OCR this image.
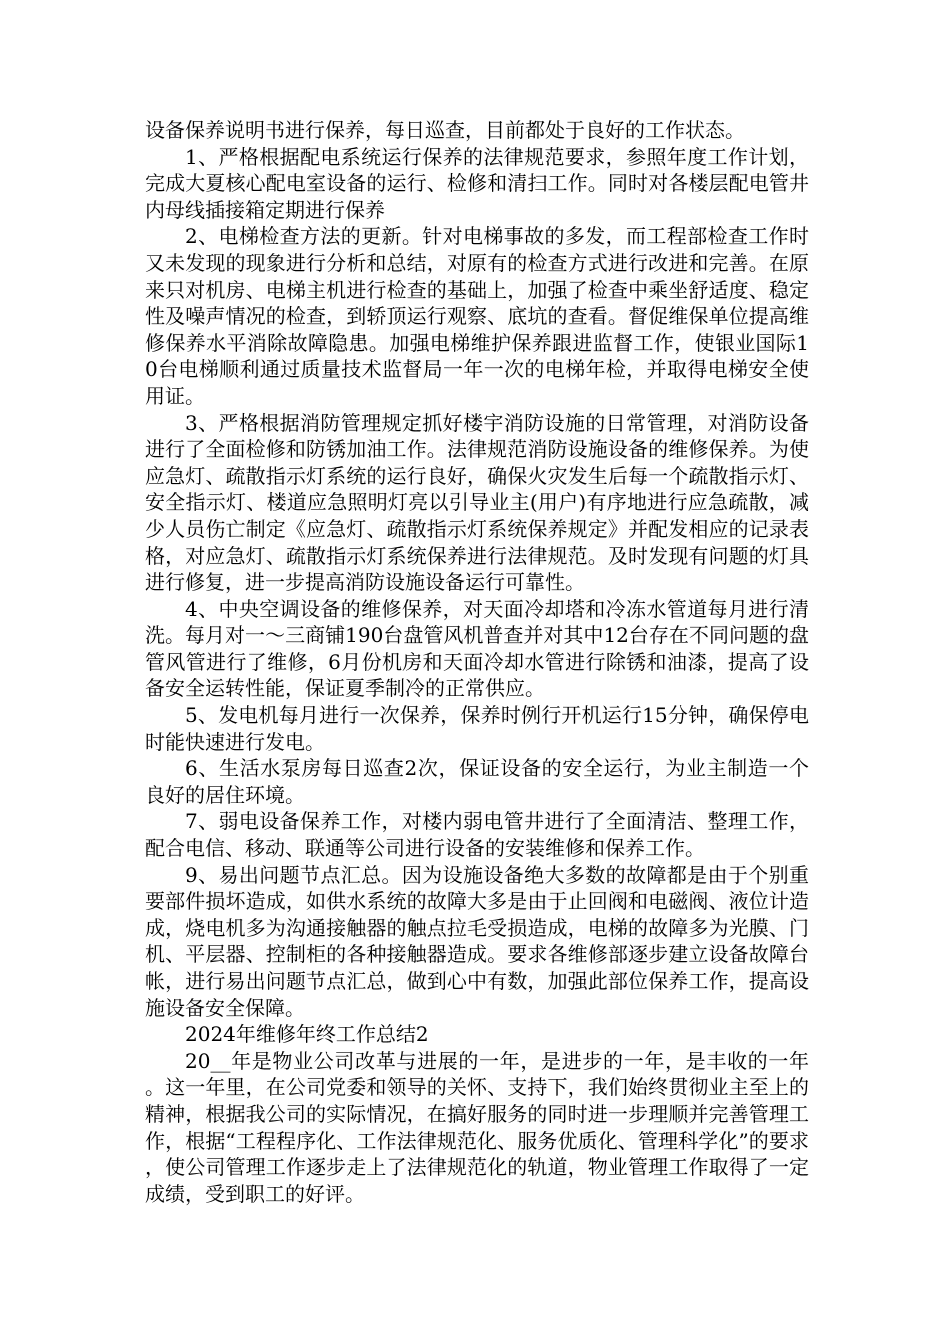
设备保养说明书进行保养，每日巡查，目前都处于良好的工作状态。

1、严格根据配电系统运行保养的法律规范要求，参照年度工作计划，完成大夏核心配电室设备的运行、检修和清扫工作。同时对各楼层配电管井内母线插接箱定期进行保养

2、电梯检查方法的更新。针对电梯事故的多发，而工程部检查工作时又未发现的现象进行分析和总结，对原有的检查方式进行改进和完善。在原来只对机房、电梯主机进行检查的基础上，加强了检查中乘坐舒适度、稳定性及噪声情况的检查，到轿顶运行观察、底坑的查看。督促维保单位提高维修保养水平消除故障隐患。加强电梯维护保养跟进监督工作，使银业国际10台电梯顺利通过质量技术监督局一年一次的电梯年检，并取得电梯安全使用证。

3、严格根据消防管理规定抓好楼宇消防设施的日常管理，对消防设备进行了全面检修和防锈加油工作。法律规范消防设施设备的维修保养。为使应急灯、疏散指示灯系统的运行良好，确保火灾发生后每一个疏散指示灯、安全指示灯、楼道应急照明灯亮以引导业主(用户)有序地进行应急疏散，减少人员伤亡制定《应急灯、疏散指示灯系统保养规定》并配发相应的记录表格，对应急灯、疏散指示灯系统保养进行法律规范。及时发现有问题的灯具进行修复，进一步提高消防设施设备运行可靠性。

4、中央空调设备的维修保养，对天面冷却塔和冷冻水管道每月进行清洗。每月对一～三商铺190台盘管风机普查并对其中12台存在不同问题的盘管风管进行了维修，6月份机房和天面冷却水管进行除锈和油漆，提高了设备安全运转性能，保证夏季制冷的正常供应。

5、发电机每月进行一次保养，保养时例行开机运行15分钟，确保停电时能快速进行发电。

6、生活水泵房每日巡查2次，保证设备的安全运行，为业主制造一个良好的居住环境。

7、弱电设备保养工作，对楼内弱电管井进行了全面清洁、整理工作，配合电信、移动、联通等公司进行设备的安装维修和保养工作。

9、易出问题节点汇总。因为设施设备绝大多数的故障都是由于个别重要部件损坏造成，如供水系统的故障大多是由于止回阀和电磁阀、液位计造成，烧电机多为沟通接触器的触点拉毛受损造成，电梯的故障多为光膜、门机、平层器、控制柜的各种接触器造成。要求各维修部逐步建立设备故障台帐，进行易出问题节点汇总，做到心中有数，加强此部位保养工作，提高设施设备安全保障。

2024年维修年终工作总结2

20__年是物业公司改革与进展的一年，是进步的一年，是丰收的一年。这一年里，在公司党委和领导的关怀、支持下，我们始终贯彻业主至上的精神，根据我公司的实际情况，在搞好服务的同时进一步理顺并完善管理工作，根据“工程程序化、工作法律规范化、服务优质化、管理科学化”的要求，使公司管理工作逐步走上了法律规范化的轨道，物业管理工作取得了一定成绩，受到职工的好评。
